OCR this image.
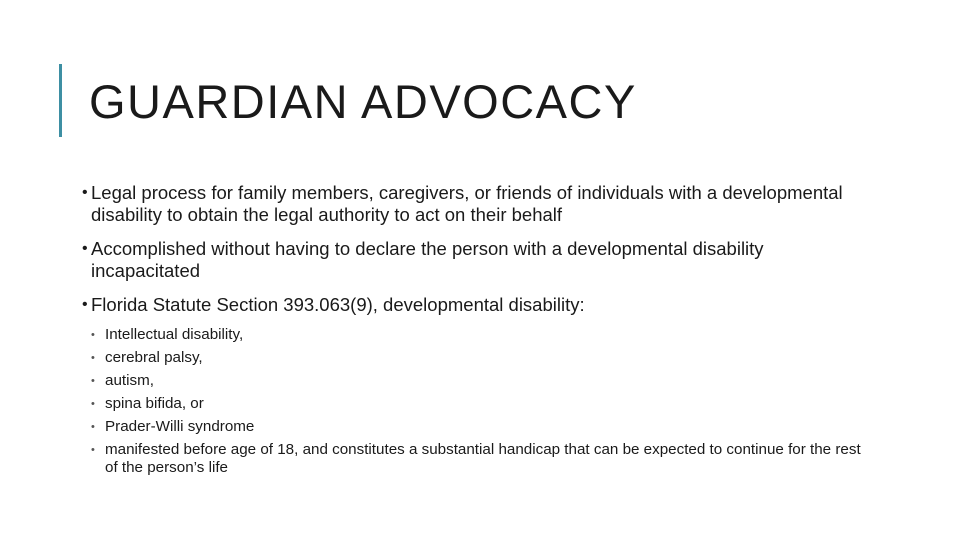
GUARDIAN ADVOCACY
• Legal process for family members, caregivers, or friends of individuals with a developmental disability to obtain the legal authority to act on their behalf
• Accomplished without having to declare the person with a developmental disability incapacitated
• Florida Statute Section 393.063(9), developmental disability:
• Intellectual disability,
• cerebral palsy,
• autism,
• spina bifida, or
• Prader-Willi syndrome
• manifested before age of 18, and constitutes a substantial handicap that can be expected to continue for the rest of the person’s life
